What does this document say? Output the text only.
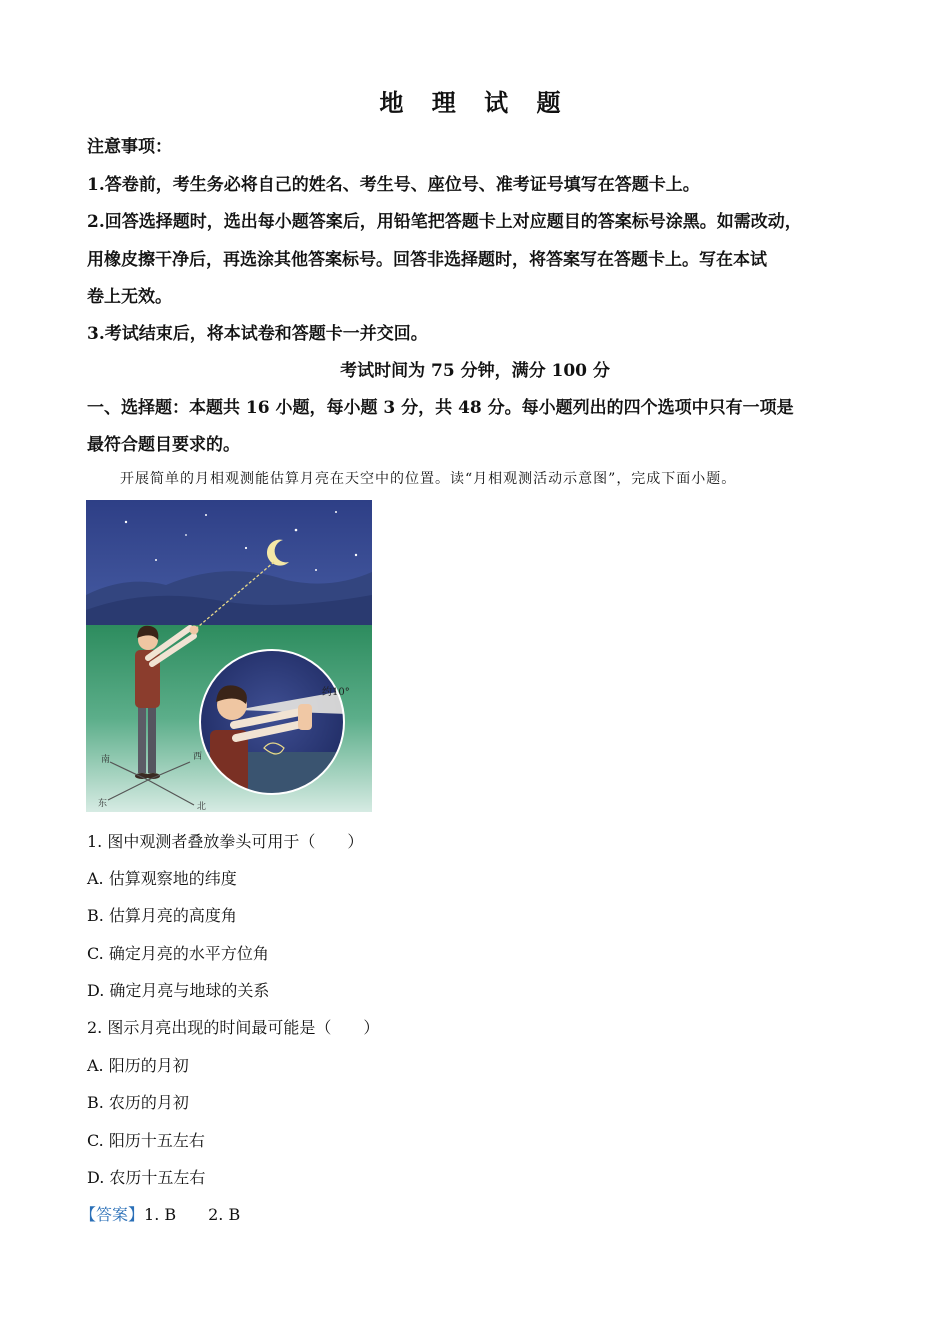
地 理 试 题
注意事项：
1.答卷前，考生务必将自己的姓名、考生号、座位号、准考证号填写在答题卡上。
2.回答选择题时，选出每小题答案后，用铅笔把答题卡上对应题目的答案标号涂黑。如需改动，
用橡皮擦干净后，再选涂其他答案标号。回答非选择题时，将答案写在答题卡上。写在本试
卷上无效。
3.考试结束后，将本试卷和答题卡一并交回。
考试时间为 75 分钟，满分 100 分
一、选择题：本题共 16 小题，每小题 3 分，共 48 分。每小题列出的四个选项中只有一项是
最符合题目要求的。
开展简单的月相观测能估算月亮在天空中的位置。读“月相观测活动示意图”，完成下面小题。
南	西
东	北
约10°
1. 图中观测者叠放拳头可用于（　　）
A. 估算观察地的纬度
B. 估算月亮的高度角
C. 确定月亮的水平方位角
D. 确定月亮与地球的关系
2. 图示月亮出现的时间最可能是（　　）
A. 阳历的月初
B. 农历的月初
C. 阳历十五左右
D. 农历十五左右
【答案】1. B　　2. B
